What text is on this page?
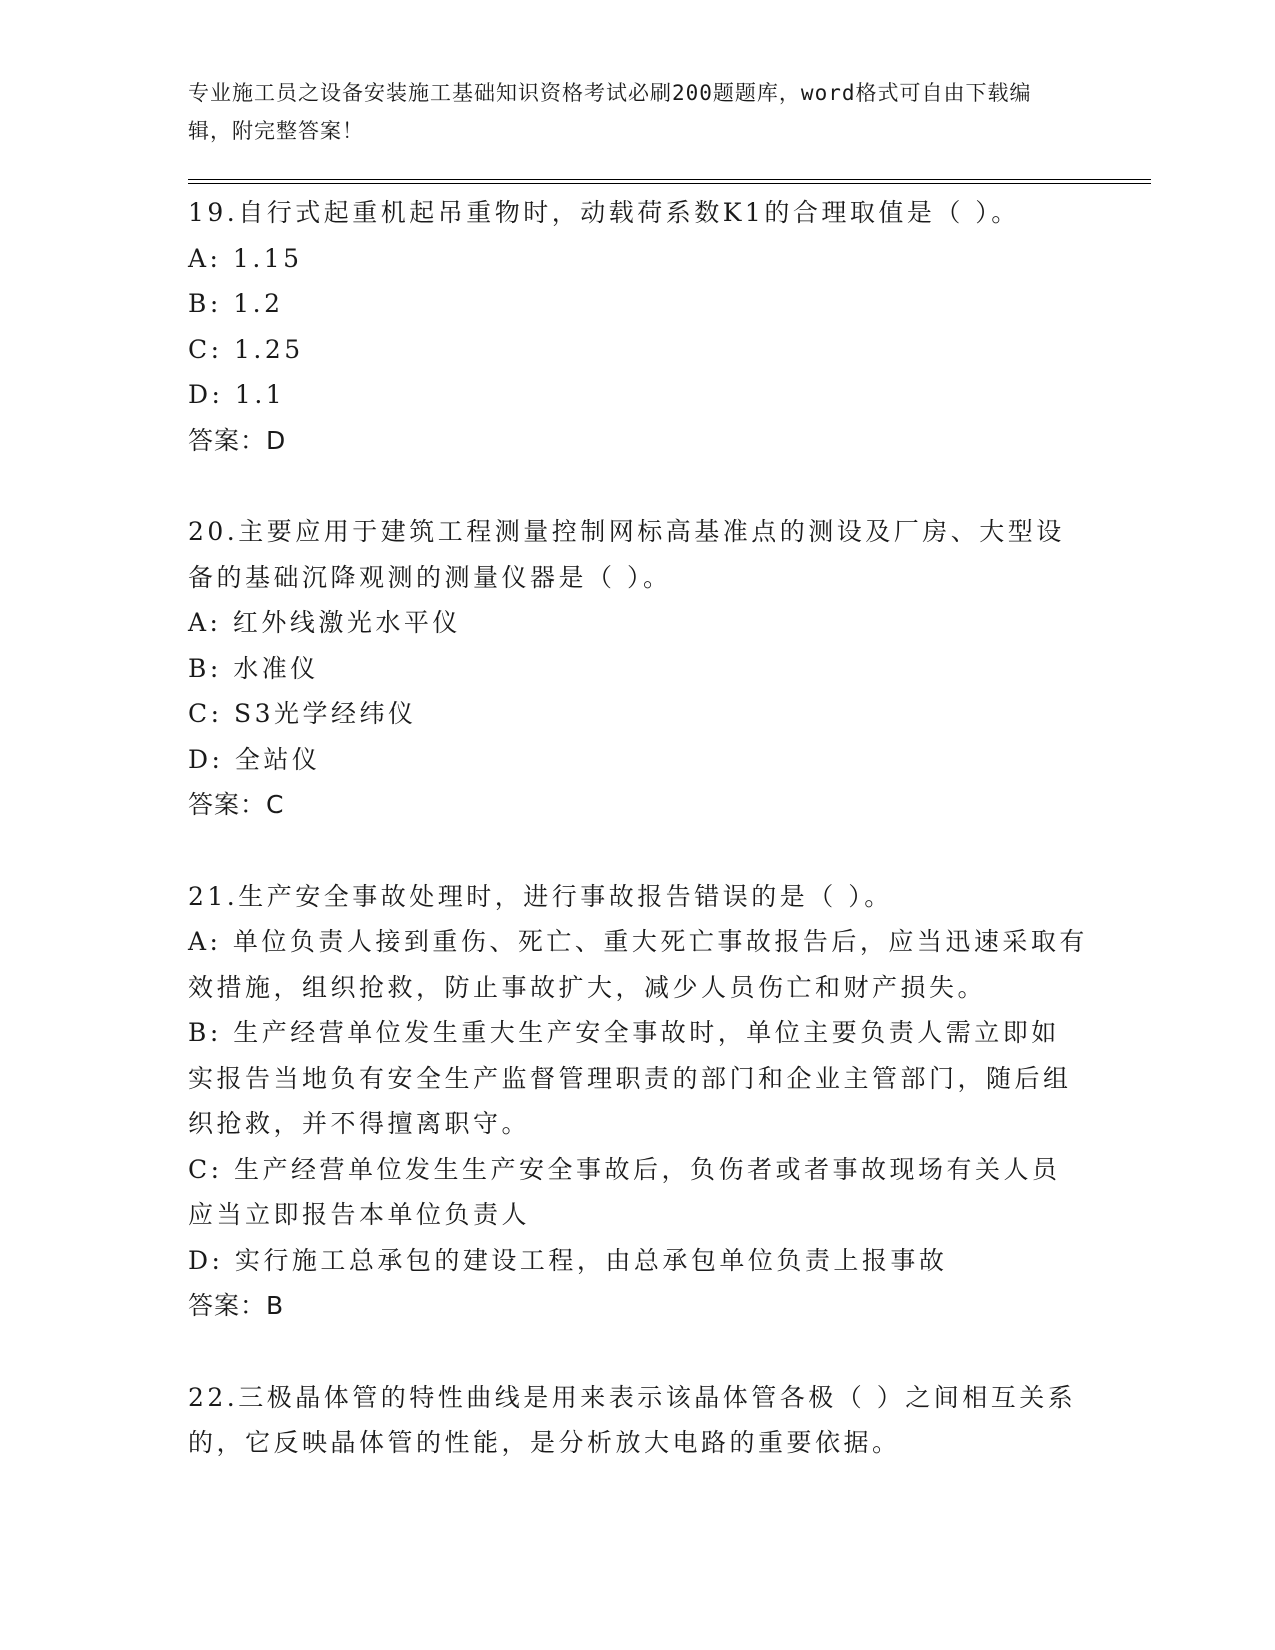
专业施工员之设备安装施工基础知识资格考试必刷200题题库，word格式可自由下载编辑，附完整答案！

19.自行式起重机起吊重物时，动载荷系数K1的合理取值是（ ）。

A: 1.15

B: 1.2

C: 1.25

D: 1.1

答案：D

20.主要应用于建筑工程测量控制网标高基准点的测设及厂房、大型设备的基础沉降观测的测量仪器是（ ）。

A: 红外线激光水平仪

B: 水准仪

C: S3光学经纬仪

D: 全站仪

答案：C

21.生产安全事故处理时，进行事故报告错误的是（ ）。

A: 单位负责人接到重伤、死亡、重大死亡事故报告后，应当迅速采取有效措施，组织抢救，防止事故扩大，减少人员伤亡和财产损失。

B: 生产经营单位发生重大生产安全事故时，单位主要负责人需立即如实报告当地负有安全生产监督管理职责的部门和企业主管部门，随后组织抢救，并不得擅离职守。

C: 生产经营单位发生生产安全事故后，负伤者或者事故现场有关人员应当立即报告本单位负责人

D: 实行施工总承包的建设工程，由总承包单位负责上报事故

答案：B

22.三极晶体管的特性曲线是用来表示该晶体管各极（ ）之间相互关系的，它反映晶体管的性能，是分析放大电路的重要依据。
